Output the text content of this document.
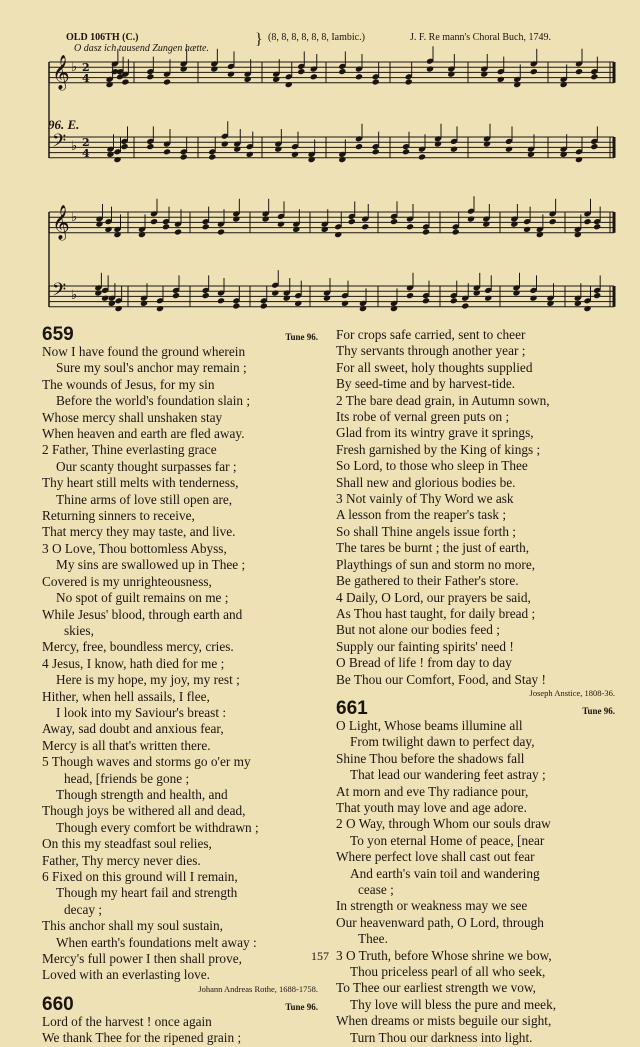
OLD 106TH (C.)
O dasz ich tausend Zungen hætte.
} (8, 8, 8, 8, 8, 8, Iambic.)	J. F. Re mann's Choral Buch, 1749.
96. E.
𝄞 ♭ 2
4
𝄢 ♭ 2
4
𝄞 ♭
𝄢 ♭
659	Tune 96.
Now I have found the ground wherein
Sure my soul's anchor may remain ;
The wounds of Jesus, for my sin
Before the world's foundation slain ;
Whose mercy shall unshaken stay
When heaven and earth are fled away.
2 Father, Thine everlasting grace
Our scanty thought surpasses far ;
Thy heart still melts with tenderness,
Thine arms of love still open are,
Returning sinners to receive,
That mercy they may taste, and live.
3 O Love, Thou bottomless Abyss,
My sins are swallowed up in Thee ;
Covered is my unrighteousness,
No spot of guilt remains on me ;
While Jesus' blood, through earth and
skies,
Mercy, free, boundless mercy, cries.
4 Jesus, I know, hath died for me ;
Here is my hope, my joy, my rest ;
Hither, when hell assails, I flee,
I look into my Saviour's breast :
Away, sad doubt and anxious fear,
Mercy is all that's written there.
5 Though waves and storms go o'er my
head, [friends be gone ;
Though strength and health, and
Though joys be withered all and dead,
Though every comfort be withdrawn ;
On this my steadfast soul relies,
Father, Thy mercy never dies.
6 Fixed on this ground will I remain,
Though my heart fail and strength
decay ;
This anchor shall my soul sustain,
When earth's foundations melt away :
Mercy's full power I then shall prove,
Loved with an everlasting love.
Johann Andreas Rothe, 1688-1758.
660	Tune 96.
Lord of the harvest ! once again
We thank Thee for the ripened grain ;
For crops safe carried, sent to cheer
Thy servants through another year ;
For all sweet, holy thoughts supplied
By seed-time and by harvest-tide.
2 The bare dead grain, in Autumn sown,
Its robe of vernal green puts on ;
Glad from its wintry grave it springs,
Fresh garnished by the King of kings ;
So Lord, to those who sleep in Thee
Shall new and glorious bodies be.
3 Not vainly of Thy Word we ask
A lesson from the reaper's task ;
So shall Thine angels issue forth ;
The tares be burnt ; the just of earth,
Playthings of sun and storm no more,
Be gathered to their Father's store.
4 Daily, O Lord, our prayers be said,
As Thou hast taught, for daily bread ;
But not alone our bodies feed ;
Supply our fainting spirits' need !
O Bread of life ! from day to day
Be Thou our Comfort, Food, and Stay !
Joseph Anstice, 1808-36.
661	Tune 96.
O Light, Whose beams illumine all
From twilight dawn to perfect day,
Shine Thou before the shadows fall
That lead our wandering feet astray ;
At morn and eve Thy radiance pour,
That youth may love and age adore.
2 O Way, through Whom our souls draw
To yon eternal Home of peace, [near
Where perfect love shall cast out fear
And earth's vain toil and wandering
cease ;
In strength or weakness may we see
Our heavenward path, O Lord, through
Thee.
3 O Truth, before Whose shrine we bow,
Thou priceless pearl of all who seek,
To Thee our earliest strength we vow,
Thy love will bless the pure and meek,
When dreams or mists beguile our sight,
Turn Thou our darkness into light.
157
